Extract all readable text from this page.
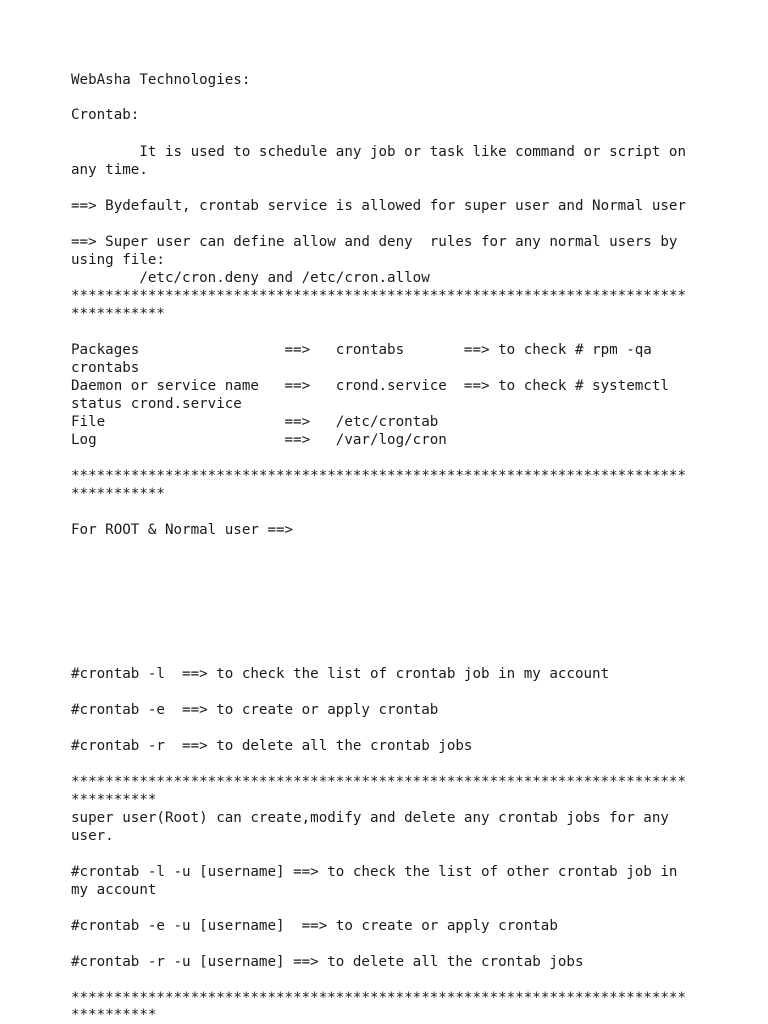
WebAsha Technologies:
Crontab:
It is used to schedule any job or task like command or script on
any time.
==> Bydefault, crontab service is allowed for super user and Normal user
==> Super user can define allow and deny  rules for any normal users by
using file:
/etc/cron.deny and /etc/cron.allow
************************************************************************
***********
Packages                 ==>   crontabs       ==> to check # rpm -qa
crontabs
Daemon or service name   ==>   crond.service  ==> to check # systemctl
status crond.service
File                     ==>   /etc/crontab
Log                      ==>   /var/log/cron
************************************************************************
***********
For ROOT & Normal user ==>
#crontab -l  ==> to check the list of crontab job in my account
#crontab -e  ==> to create or apply crontab
#crontab -r  ==> to delete all the crontab jobs
************************************************************************
**********
super user(Root) can create,modify and delete any crontab jobs for any
user.
#crontab -l -u [username] ==> to check the list of other crontab job in
my account
#crontab -e -u [username]  ==> to create or apply crontab
#crontab -r -u [username] ==> to delete all the crontab jobs
************************************************************************
**********
